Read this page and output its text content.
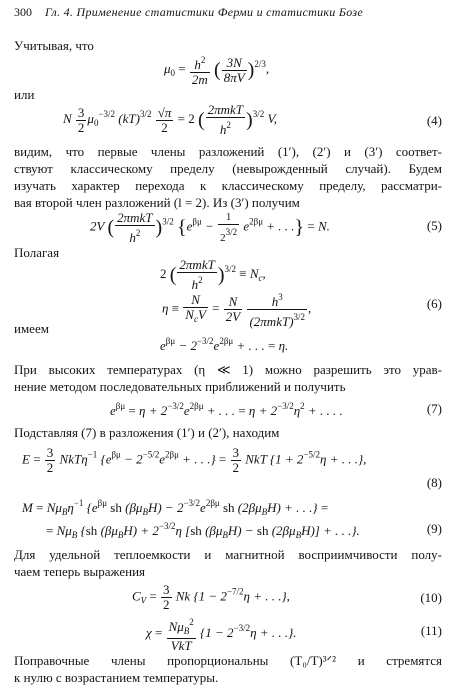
300 Гл. 4. Применение статистики Ферми и статистики Бозе
Учитывая, что
$\mu_0 = \frac{h^2}{2m}$ ( $\frac{3N}{8\pi V} )^{2/3}$,
или
N $\frac{3}{2} \mu_0^{-3/2}$ $(kT)^{3/2} \frac{√\pi}{2} = 2$ ( $\frac{\text{2πmkT}}{h^2} )^{3/2}$ V,	(4)
видим, что первые члены разложений (1′), (2′) и (3′) соответ-
ствуют классическому пределу (невырожденный случай). Будем
изучать характер перехода к классическому пределу, рассматри-
вая второй член разложений (l = 2). Из (3′) получим
2V ( $\frac{\text{2πmkT}}{h^2} )^{3/2}$ {$e^{\beta\mu} - \frac{1}{2^{3/2}} e^{2\beta\mu}$ + . . .} = N.	(5)
Полагая
2 ( $\frac{\text{2πmkT}}{h^2} )^{3/2} \equiv N_c$,
$\eta \equiv \frac{N}{N_cV} = \frac{N}{2V}$
$\frac{h^3}{(2\pi mkT)^{3/2}}$ ,	(6)
имеем
$e^{\beta\mu} - 2^{-3/2}e^{2\beta\mu}$ + . . . = η.
При высоких температурах (η ≪ 1) можно разрешить это урав-
нение методом последовательных приближений и получить
$e^{\beta\mu} = \eta + 2^{-3/2}e^{2\beta\mu}$ + . . . = $\eta + 2^{-3/2}\eta^2$ + . . . .	(7)
Подставляя (7) в разложения (1′) и (2′), находим
$E = \frac{3}{2} NkT\eta^{-1}$ {$e^{\beta\mu} - 2^{-5/2}e^{2\beta\mu}$ + . . .} = $\frac{3}{2}$ NkT {$1 + 2^{-5/2}\eta$ + . . .},
(8)
$M = N\mu_B\eta^{-1}$ {$e^{\beta\mu}$ sh $(\beta\mu_BH) - 2^{-3/2}e^{2\beta\mu}$ sh $(2\beta\mu_BH)$ + . . .} =
= $N\mu_B$ {sh $(\beta\mu_BH) + 2^{-3/2}\eta$ [sh $(\beta\mu_BH)$ − sh $(2\beta\mu_BH)$] + . . .}.	(9)
Для удельной теплоемкости и магнитной восприимчивости полу-
чаем теперь выражения
$C_V = \frac{3}{2}$ Nk {$1 - 2^{-7/2}\eta$ + . . .},	(10)
$\chi = \frac{N\mu_B^2}{\text{VkT}} \{1 - 2^{-3/2}\eta$ + . . .}.	(11)
Поправочные члены пропорциональны (T₀/T)³ᐟ² и стремятся
к нулю с возрастанием температуры.
